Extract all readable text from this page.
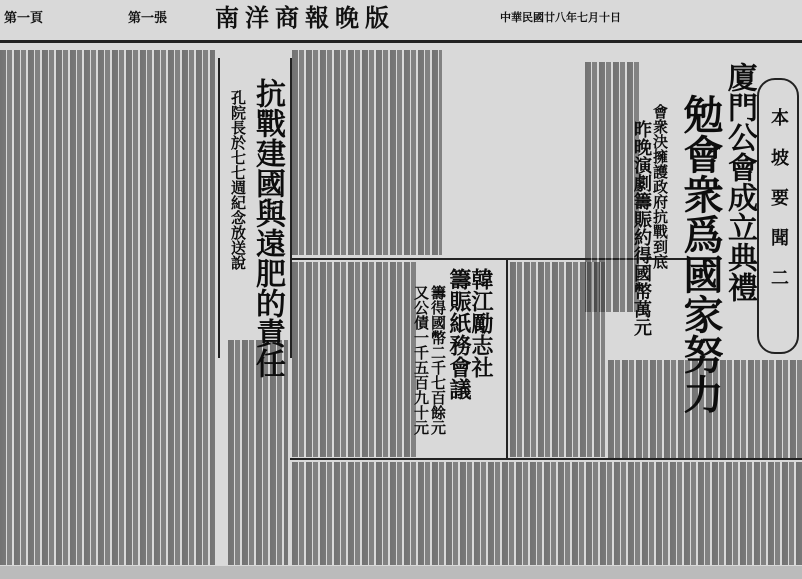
第一頁	第一張 南洋商報晚版	中華民國廿八年七月十日
廈門公會成立典禮
勉會衆爲國家努力
會衆決擁護政府抗戰到底
昨晚演劇籌賑約得國幣萬元
抗戰建國與遠肥的責任
孔院長於七七週紀念放送說
韓江勵志社
籌賑紙務會議
籌得國幣二千七百餘元
又公債一千五百九十元
本坡要聞二
